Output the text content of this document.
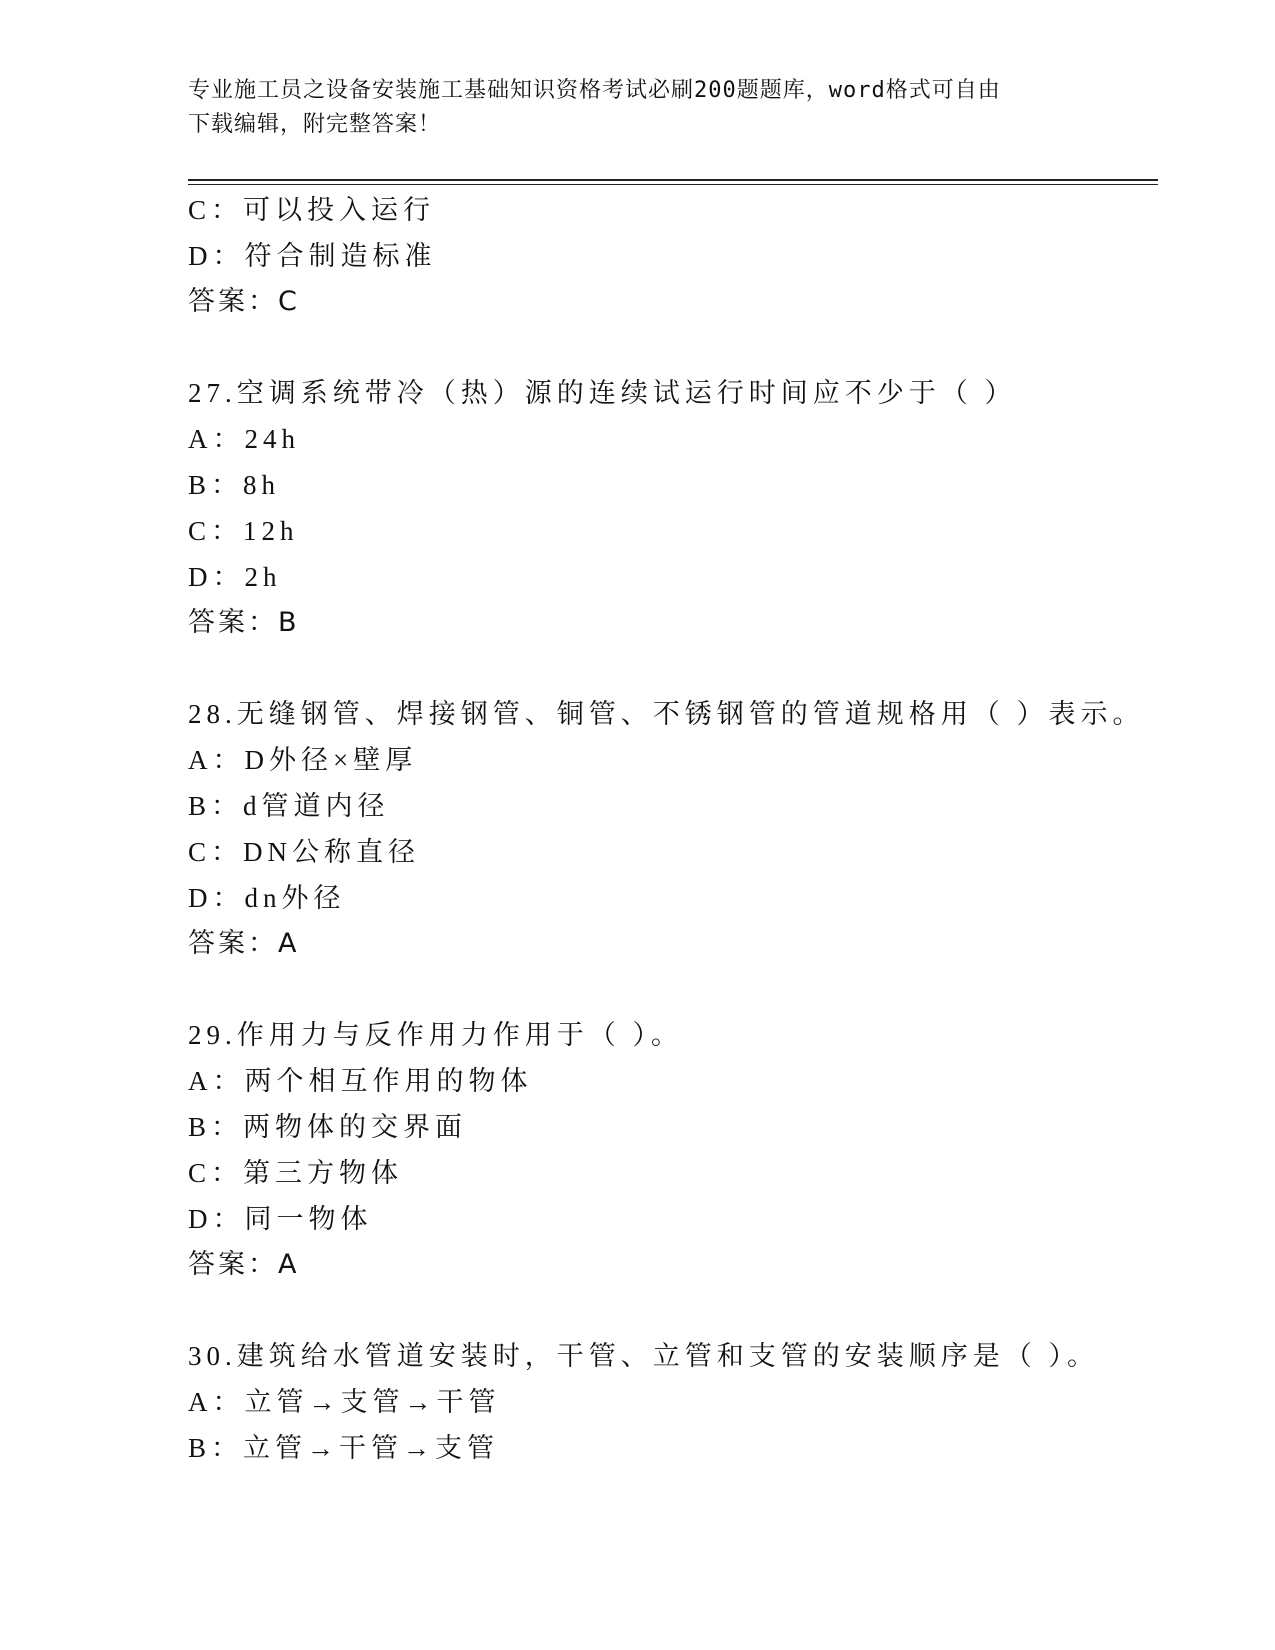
专业施工员之设备安装施工基础知识资格考试必刷200题题库，word格式可自由
下载编辑，附完整答案！
C：可以投入运行
D：符合制造标准
答案：C
27.空调系统带冷（热）源的连续试运行时间应不少于（ ）
A：24h
B：8h
C：12h
D：2h
答案：B
28.无缝钢管、焊接钢管、铜管、不锈钢管的管道规格用（ ）表示。
A：D外径×壁厚
B：d管道内径
C：DN公称直径
D：dn外径
答案：A
29.作用力与反作用力作用于（ ）。
A：两个相互作用的物体
B：两物体的交界面
C：第三方物体
D：同一物体
答案：A
30.建筑给水管道安装时，干管、立管和支管的安装顺序是（ ）。
A：立管→支管→干管
B：立管→干管→支管
